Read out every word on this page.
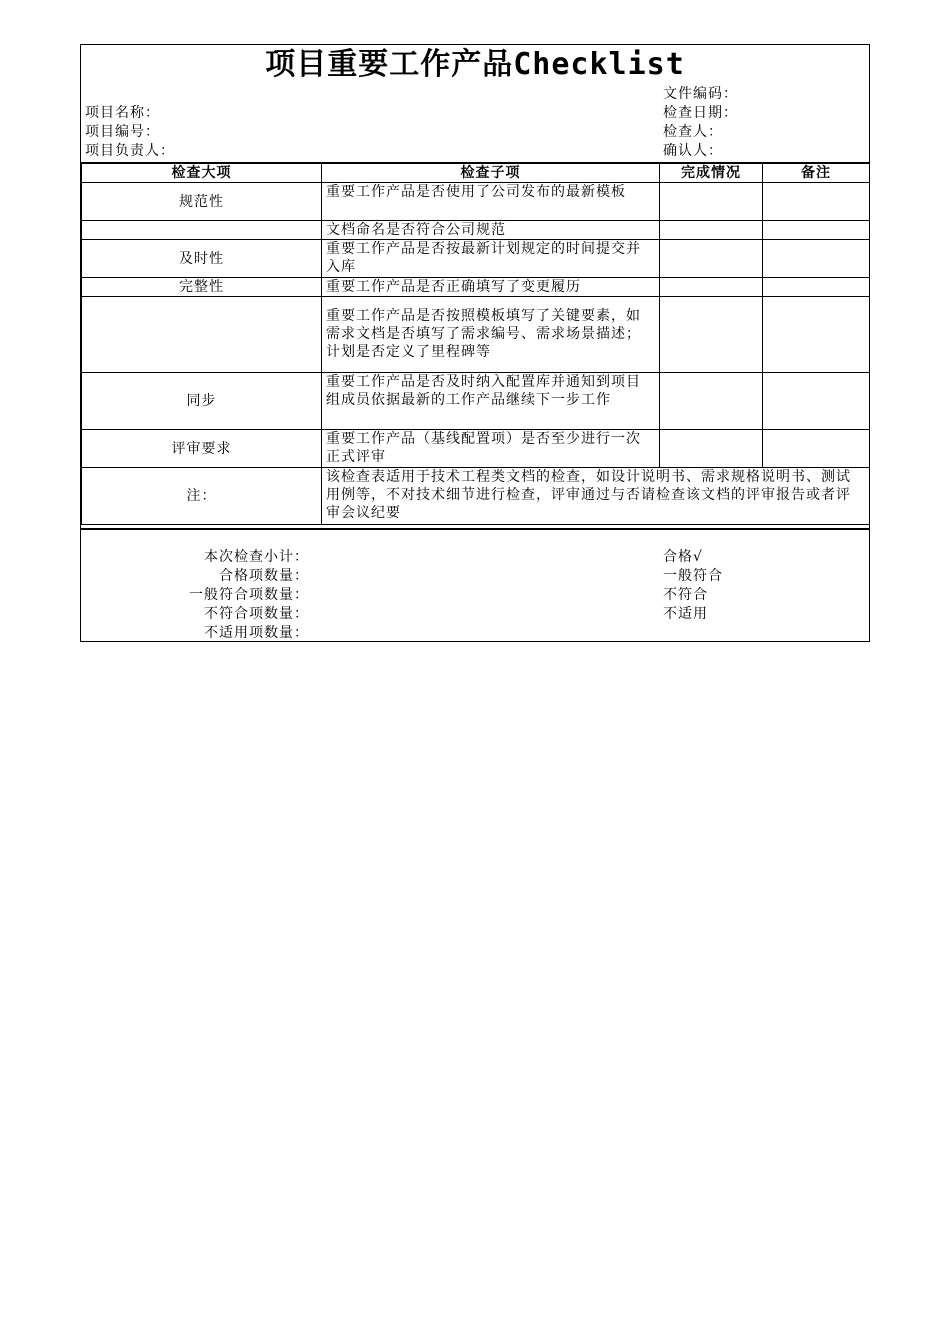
项目重要工作产品Checklist
文件编码：
项目名称：	检查日期：
项目编号：	检查人：
项目负责人：	确认人：
检查大项	检查子项	完成情况	备注
规范性	重要工作产品是否使用了公司发布的最新模板		
	文档命名是否符合公司规范		
及时性	重要工作产品是否按最新计划规定的时间提交并入库		
完整性	重要工作产品是否正确填写了变更履历		
	重要工作产品是否按照模板填写了关键要素，如需求文档是否填写了需求编号、需求场景描述；计划是否定义了里程碑等		
同步	重要工作产品是否及时纳入配置库并通知到项目组成员依据最新的工作产品继续下一步工作		
评审要求	重要工作产品（基线配置项）是否至少进行一次正式评审		
注：	该检查表适用于技术工程类文档的检查，如设计说明书、需求规格说明书、测试用例等，不对技术细节进行检查，评审通过与否请检查该文档的评审报告或者评审会议纪要		
本次检查小计：
合格项数量：
一般符合项数量：
不符合项数量：
不适用项数量：
合格√
一般符合
不符合
不适用
